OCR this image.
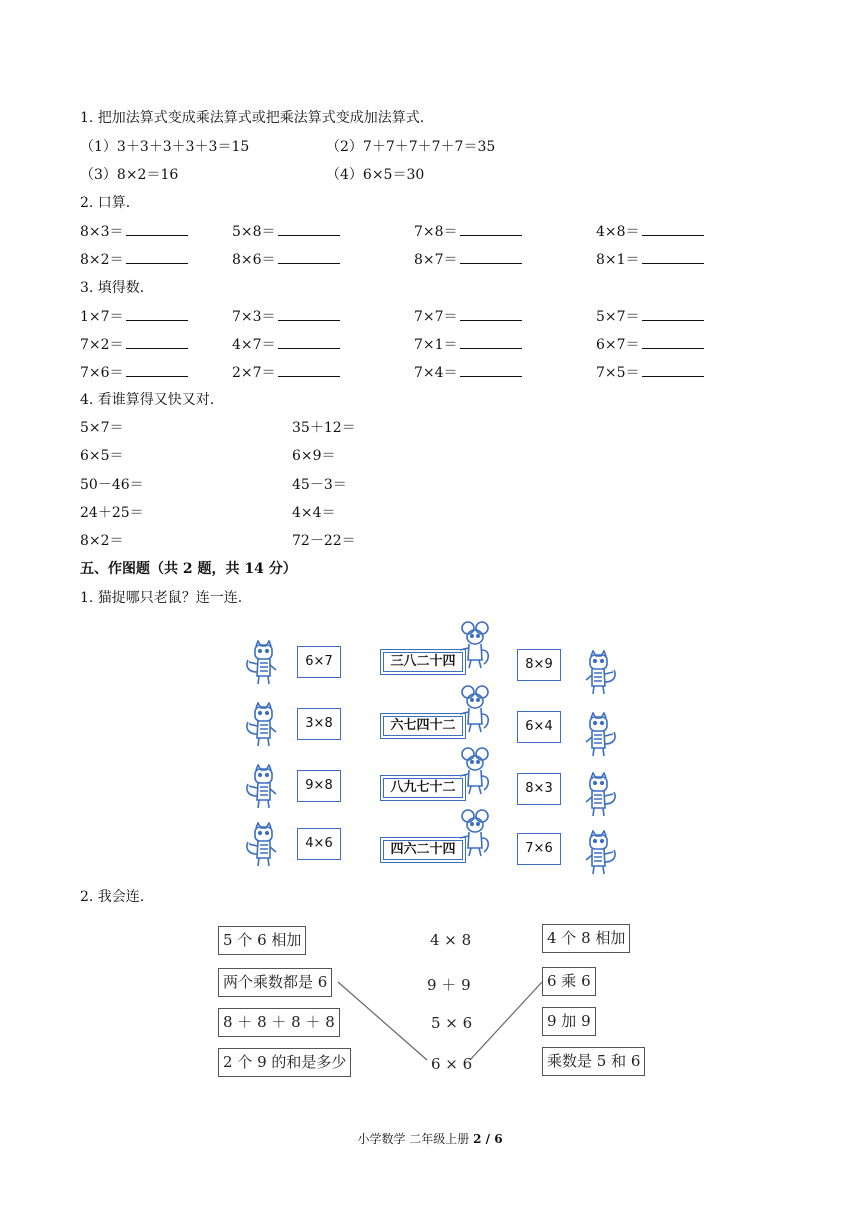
1. 把加法算式变成乘法算式或把乘法算式变成加法算式.
（1）3＋3＋3＋3＋3＝15	（2）7＋7＋7＋7＋7＝35
（3）8×2＝16	（4）6×5＝30
2. 口算.
8×3＝	5×8＝	7×8＝	4×8＝
8×2＝	8×6＝	8×7＝	8×1＝
3. 填得数.
1×7＝	7×3＝	7×7＝	5×7＝
7×2＝	4×7＝	7×1＝	6×7＝
7×6＝	2×7＝	7×4＝	7×5＝
4. 看谁算得又快又对.
5×7＝	35＋12＝
6×5＝	6×9＝
50－46＝	45－3＝
24＋25＝	4×4＝
8×2＝	72－22＝
五、作图题（共 2 题，共 14 分）
1. 猫捉哪只老鼠？连一连.
6×7
3×8
9×8
4×6
三八二十四
六七四十二
八九七十二
四六二十四
8×9
6×4
8×3
7×6
2. 我会连.
5 个 6 相加
两个乘数都是 6
8 ＋ 8 ＋ 8 ＋ 8
2 个 9 的和是多少
4 × 8
9 ＋ 9
5 × 6
6 × 6
4 个 8 相加
6 乘 6
9 加 9
乘数是 5 和 6
小学数学 二年级上册 2 / 6
